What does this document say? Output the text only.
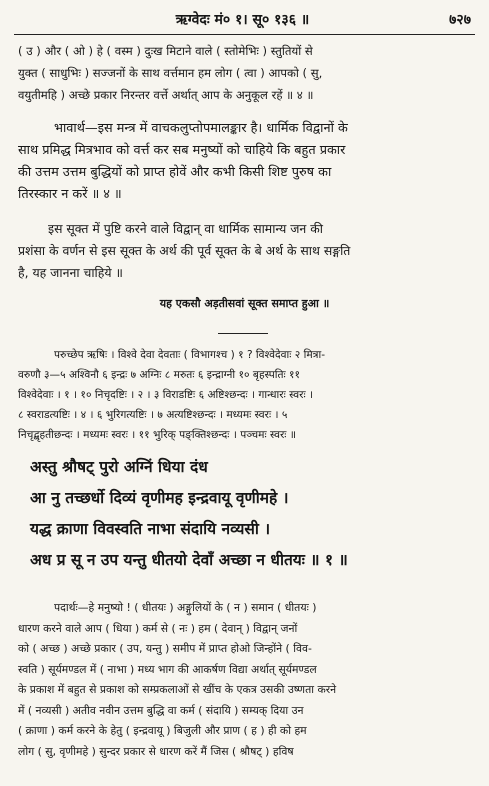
ऋग्वेदः मं० १। सू० १३६ ॥	७२७
( उ ) और ( ओ ) हे ( वस्म ) दुःख मिटाने वाले ( स्तोमेभिः ) स्तुतियों से
युक्त ( साधुभिः ) सज्जनों के साथ वर्त्तमान हम लोग ( त्वा ) आपको ( सु,
वयुतीमहि ) अच्छे प्रकार निरन्तर वर्त्ते अर्थात् आप के अनुकूल रहें ॥ ४ ॥
भावार्थ—इस मन्त्र में वाचकलुप्तोपमालङ्कार है। धार्मिक विद्वानों के
साथ प्रमिद्ध मित्रभाव को वर्त्त कर सब मनुष्यों को चाहिये कि बहुत प्रकार
की उत्तम उत्तम बुद्धियों को प्राप्त होवें और कभी किसी शिष्ट पुरुष का
तिरस्कार न करें ॥ ४ ॥
इस सूक्त में पुष्टि करने वाले विद्वान् वा धार्मिक सामान्य जन की
प्रशंसा के वर्णन से इस सूक्त के अर्थ की पूर्व सूक्त के बे अर्थ के साथ सङ्गति
है, यह जानना चाहिये ॥
यह एकसौ अड़तीसवां सूक्त समाप्त हुआ ॥
परुच्छेप ऋषिः । विश्वे देवा देवताः ( विभागश्च ) १ ? विश्वेदेवाः २ मित्रा-
वरुणौ ३—५ अश्विनौ ६ इन्द्रः ७ अग्निः ८ मरुतः ६ इन्द्राग्नी १० बृहस्पतिः ११
विश्वेदेवाः । १ । १० निचृदष्टिः । २ । ३ विराडष्टिः ६ अष्टिश्छन्दः । गान्धारः स्वरः ।
८ स्वराडत्यष्टिः । ४ । ६ भुरिगत्यष्टिः । ७ अत्यष्टिश्छन्दः । मध्यमः स्वरः । ५
निचृद्बृहतीछन्दः । मध्यमः स्वरः । ११ भुरिक् पङ्क्तिश्छन्दः । पञ्चमः स्वरः ॥
अस्तु श्रौषट् पुरो अग्निं धिया दंध
आ नु तच्छर्धो दिव्यं वृणीमह इन्द्रवायू वृणीमहे ।
यद्ध क्राणा विवस्वति नाभा संदायि नव्यसी ।
अध प्र सू न उप यन्तु धीतयो देवाँ अच्छा न धीतयः ॥ १ ॥
पदार्थः—हे मनुष्यो ! ( धीतयः ) अङ्गुलियों के ( न ) समान ( धीतयः )
धारण करने वाले आप ( धिया ) कर्म से ( नः ) हम ( देवान् ) विद्वान् जनों
को ( अच्छ ) अच्छे प्रकार ( उप, यन्तु ) समीप में प्राप्त होओ जिन्होंने ( विव-
स्वति ) सूर्यमण्डल में ( नाभा ) मध्य भाग की आकर्षण विद्या अर्थात् सूर्यमण्डल
के प्रकाश में बहुत से प्रकाश को सम्प्रकलाओं से खींच के एकत्र उसकी उष्णता करने
में ( नव्यसी ) अतीव नवीन उत्तम बुद्धि वा कर्म ( संदायि ) सम्यक् दिया उन
( क्राणा ) कर्म करने के हेतु ( इन्द्रवायू ) बिजुली और प्राण ( ह ) ही को हम
लोग ( सु, वृणीमहे ) सुन्दर प्रकार से धारण करें मैं जिस ( श्रौषट् ) हविष
